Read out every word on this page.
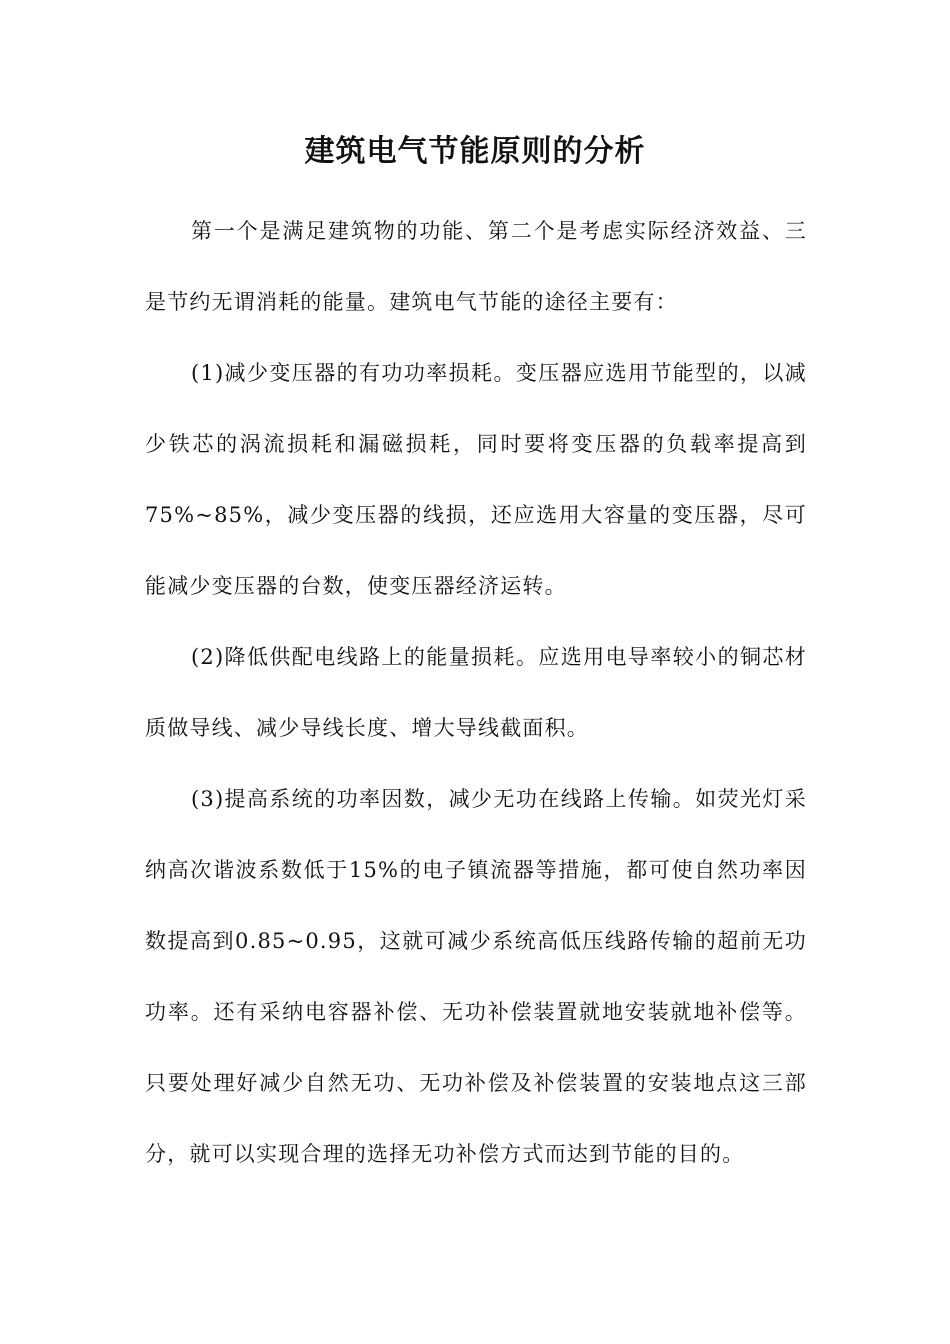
建筑电气节能原则的分析

第一个是满足建筑物的功能、第二个是考虑实际经济效益、三是节约无谓消耗的能量。建筑电气节能的途径主要有：

(1)减少变压器的有功功率损耗。变压器应选用节能型的，以减少铁芯的涡流损耗和漏磁损耗，同时要将变压器的负载率提高到75%~85%，减少变压器的线损，还应选用大容量的变压器，尽可能减少变压器的台数，使变压器经济运转。

(2)降低供配电线路上的能量损耗。应选用电导率较小的铜芯材质做导线、减少导线长度、增大导线截面积。

(3)提高系统的功率因数，减少无功在线路上传输。如荧光灯采纳高次谐波系数低于15%的电子镇流器等措施，都可使自然功率因数提高到0.85~0.95，这就可减少系统高低压线路传输的超前无功功率。还有采纳电容器补偿、无功补偿装置就地安装就地补偿等。只要处理好减少自然无功、无功补偿及补偿装置的安装地点这三部分，就可以实现合理的选择无功补偿方式而达到节能的目的。
